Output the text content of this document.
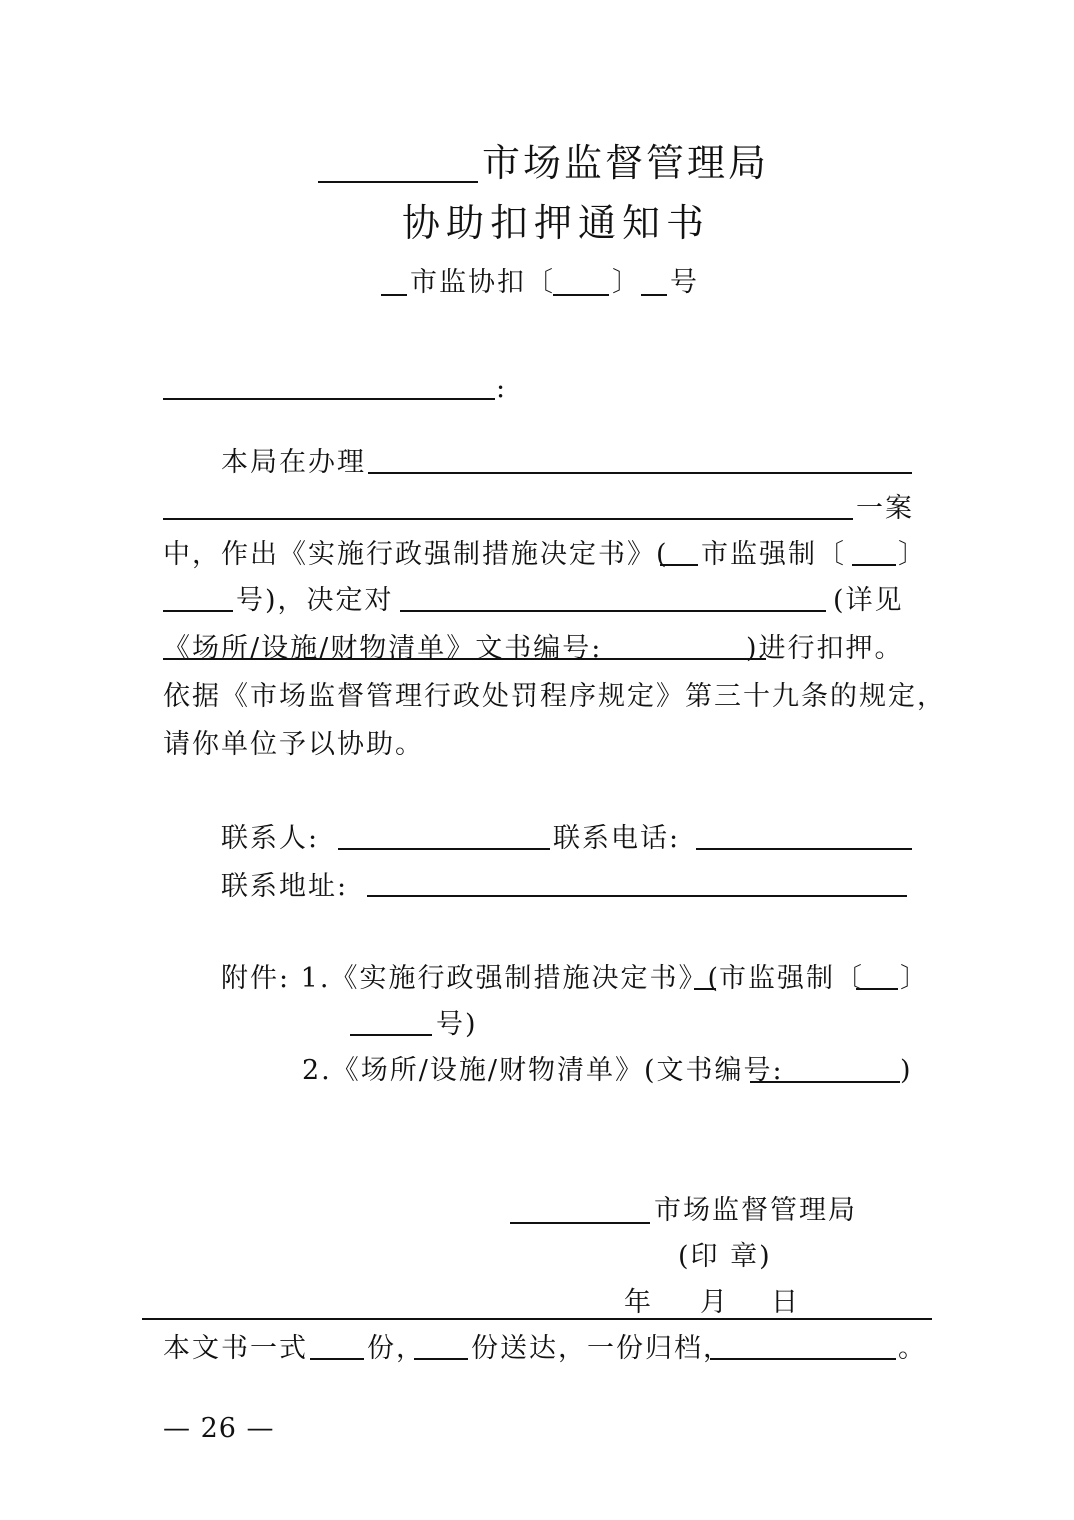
市场监督管理局
协助扣押通知书
市监协扣〔 〕 号
:
本局在办理
一案
中，作出《实施行政强制措施决定书》( 市监强制〔 〕
号)，决定对	(详见
《场所/设施/财物清单》文书编号:	)进行扣押。
依据《市场监督管理行政处罚程序规定》第三十九条的规定，
请你单位予以协助。
联系人:	联系电话:
联系地址:
附件: 1.《实施行政强制措施决定书》( 市监强制〔 〕
号)
2.《场所/设施/财物清单》(文书编号:	)
市场监督管理局
(印 章)
年 月 日
本文书一式 份， 份送达，一份归档，	。
— 26 —
